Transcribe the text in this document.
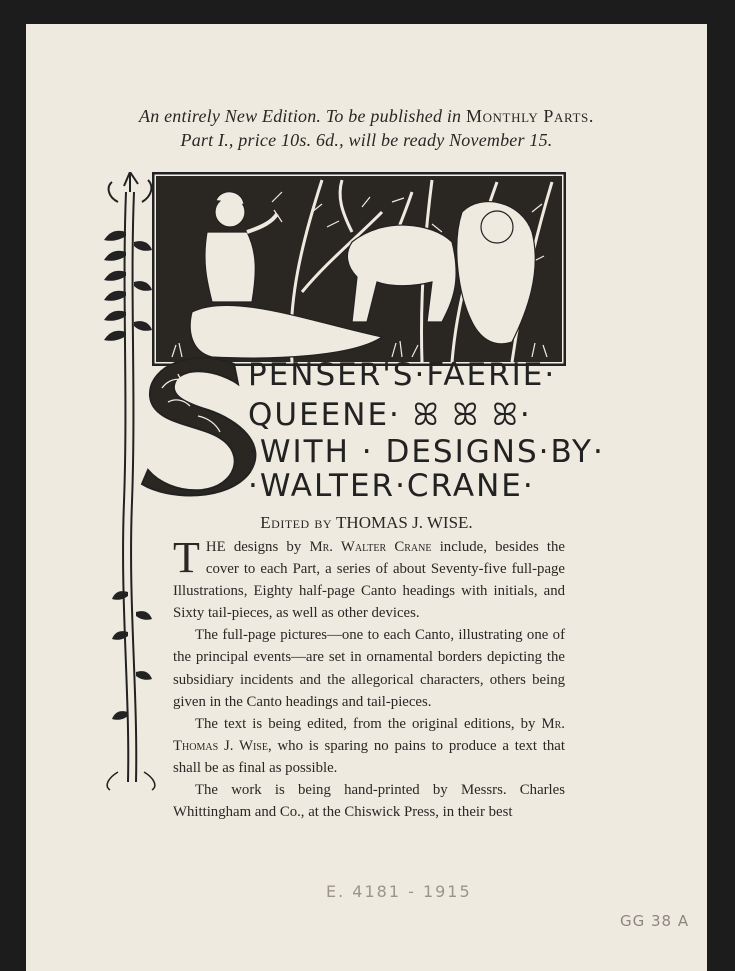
An entirely New Edition. To be published in Monthly Parts.
Part I., price 10s. 6d., will be ready November 15.
PENSER'S·FAERIE·
QUEENE· ꕤ ꕤ ꕤ·
·WITH · DESIGNS·BY·
·WALTER·CRANE·
Edited by THOMAS J. WISE.

THE designs by Mr. Walter Crane include, besides the cover to each Part, a series of about Seventy-five full-page Illustrations, Eighty half-page Canto headings with initials, and Sixty tail-pieces, as well as other devices.

The full-page pictures—one to each Canto, illustrating one of the principal events—are set in ornamental borders depicting the subsidiary incidents and the allegorical characters, others being given in the Canto headings and tail-pieces.

The text is being edited, from the original editions, by Mr. Thomas J. Wise, who is sparing no pains to produce a text that shall be as final as possible.

The work is being hand-printed by Messrs. Charles Whittingham and Co., at the Chiswick Press, in their best

E. 4181 - 1915
GG 38 A
